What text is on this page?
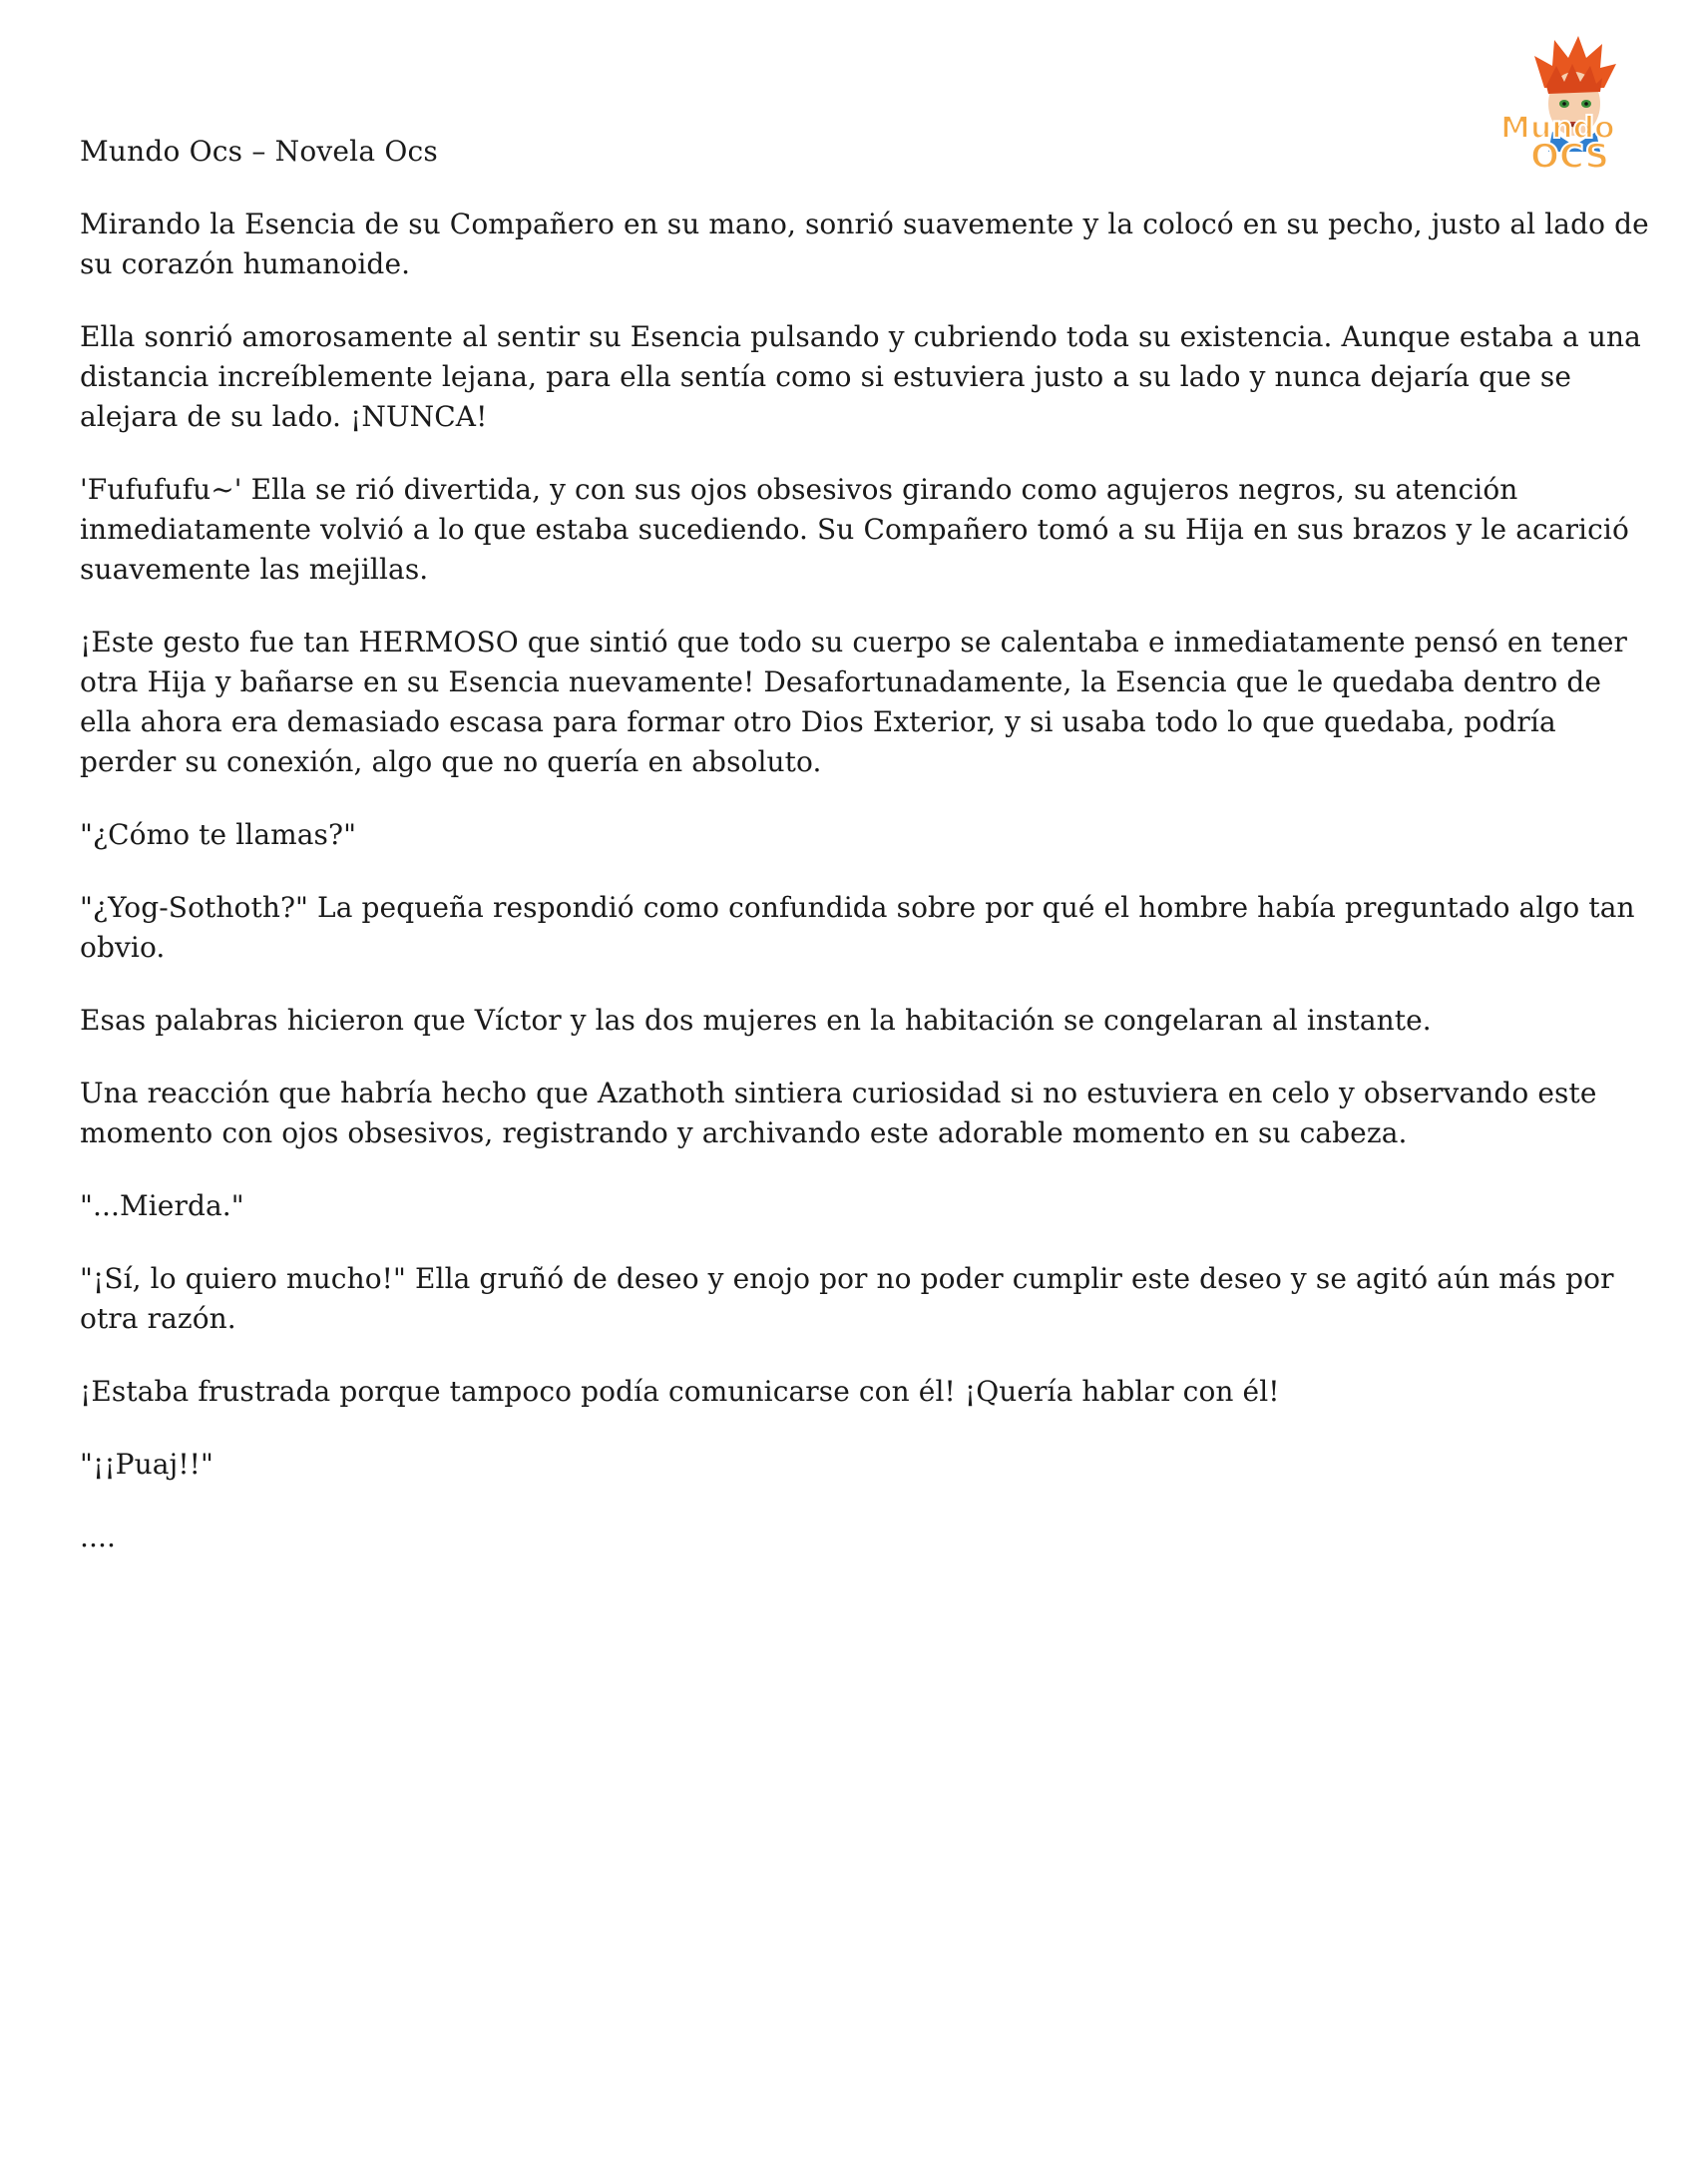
Mundo Ocs – Novela Ocs
Mundo
OCS

Mirando la Esencia de su Compañero en su mano, sonrió suavemente y la colocó en su pecho, justo al lado de su corazón humanoide.

Ella sonrió amorosamente al sentir su Esencia pulsando y cubriendo toda su existencia. Aunque estaba a una distancia increíblemente lejana, para ella sentía como si estuviera justo a su lado y nunca dejaría que se alejara de su lado. ¡NUNCA!

'Fufufufu~' Ella se rió divertida, y con sus ojos obsesivos girando como agujeros negros, su atención inmediatamente volvió a lo que estaba sucediendo. Su Compañero tomó a su Hija en sus brazos y le acarició suavemente las mejillas.

¡Este gesto fue tan HERMOSO que sintió que todo su cuerpo se calentaba e inmediatamente pensó en tener otra Hija y bañarse en su Esencia nuevamente! Desafortunadamente, la Esencia que le quedaba dentro de ella ahora era demasiado escasa para formar otro Dios Exterior, y si usaba todo lo que quedaba, podría perder su conexión, algo que no quería en absoluto.

"¿Cómo te llamas?"

"¿Yog-Sothoth?" La pequeña respondió como confundida sobre por qué el hombre había preguntado algo tan obvio.

Esas palabras hicieron que Víctor y las dos mujeres en la habitación se congelaran al instante.

Una reacción que habría hecho que Azathoth sintiera curiosidad si no estuviera en celo y observando este momento con ojos obsesivos, registrando y archivando este adorable momento en su cabeza.

"...Mierda."

"¡Sí, lo quiero mucho!" Ella gruñó de deseo y enojo por no poder cumplir este deseo y se agitó aún más por otra razón.

¡Estaba frustrada porque tampoco podía comunicarse con él! ¡Quería hablar con él!

"¡¡Puaj!!"

....
